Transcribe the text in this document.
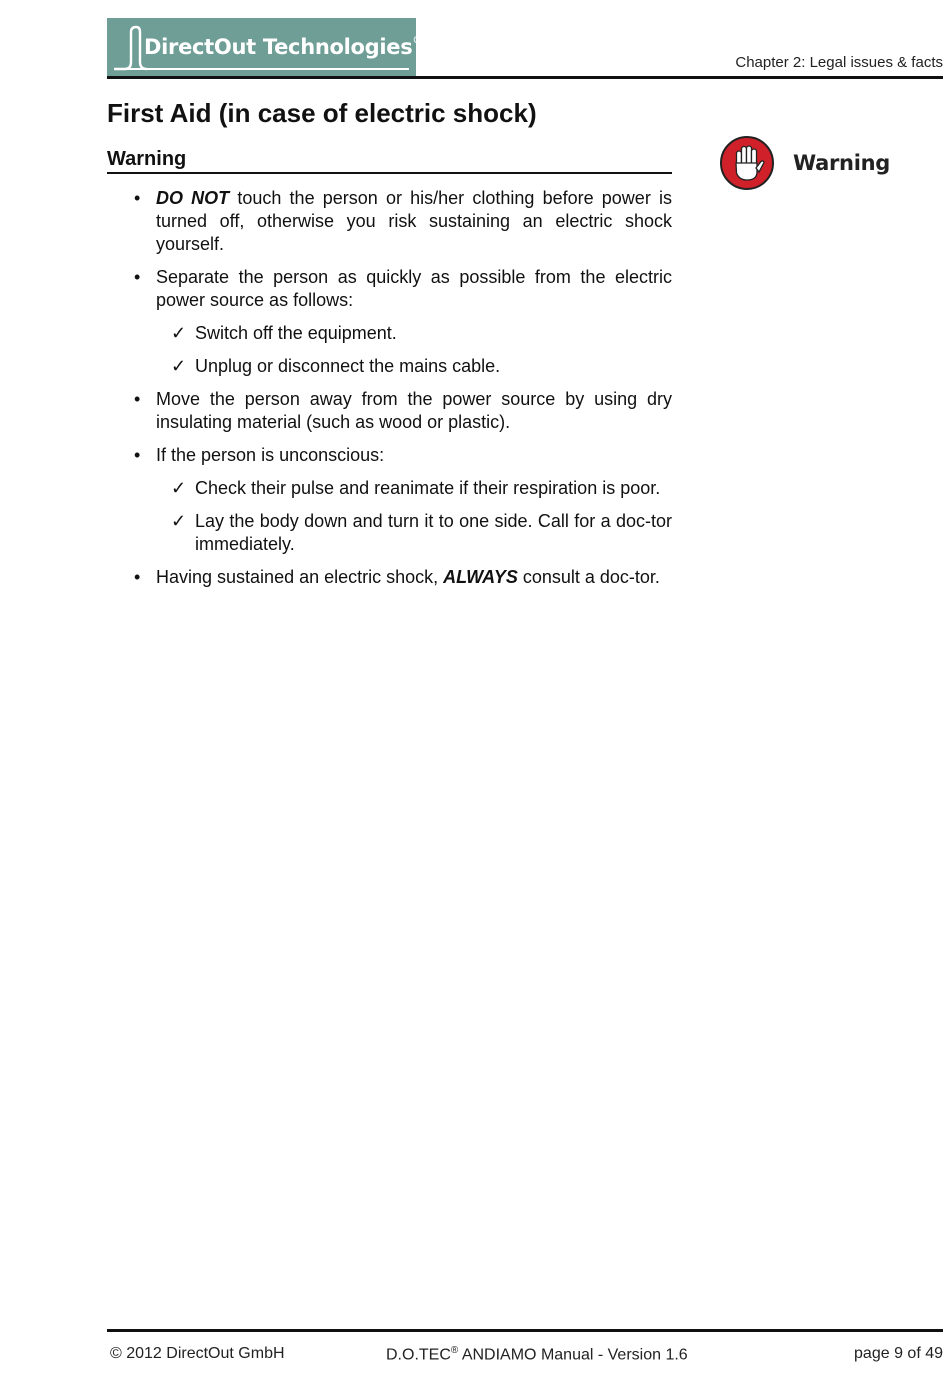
DirectOut Technologies®
Chapter 2: Legal issues & facts
First Aid (in case of electric shock)
Warning
• DO NOT touch the person or his/her clothing before power is turned off, otherwise you risk sustaining an electric shock yourself.
• Separate the person as quickly as possible from the electric power source as follows:
✓ Switch off the equipment.
✓ Unplug or disconnect the mains cable.
• Move the person away from the power source by using dry insulating material (such as wood or plastic).
• If the person is unconscious:
✓ Check their pulse and reanimate if their respiration is poor.
✓ Lay the body down and turn it to one side. Call for a doc-tor immediately.
• Having sustained an electric shock, ALWAYS consult a doc-tor.
Warning
© 2012 DirectOut GmbH	D.O.TEC® ANDIAMO Manual - Version 1.6	page 9 of 49
